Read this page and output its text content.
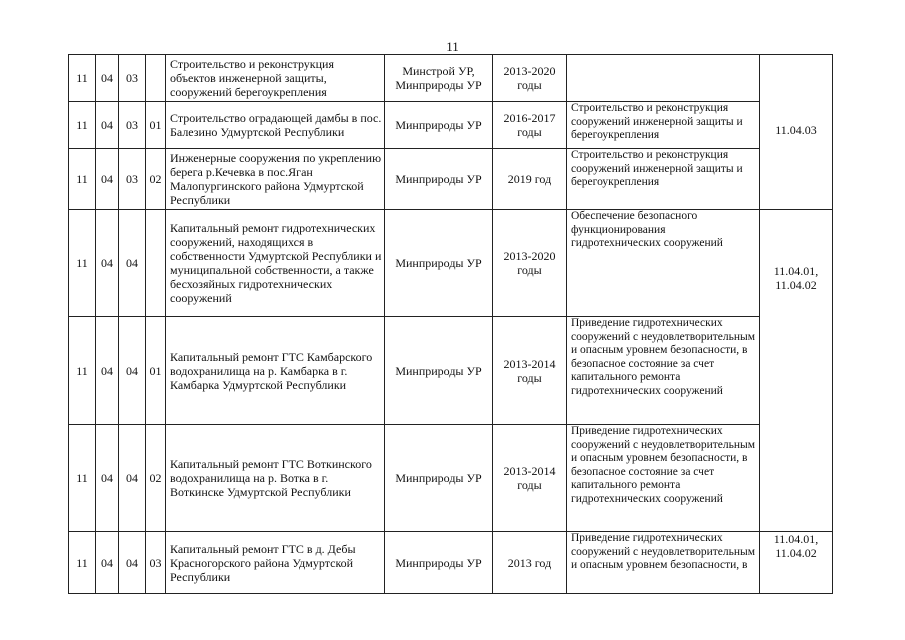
11
11	04	03		Строительство и реконструкция объектов инженерной защиты, сооружений берегоукрепления	Минстрой УР, Минприроды УР	2013-2020 годы		11.04.03
11	04	03	01	Строительство оградающей дамбы в пос. Балезино Удмуртской Республики	Минприроды УР	2016-2017 годы	Строительство и реконструкция сооружений инженерной защиты и берегоукрепления	
11	04	03	02	Инженерные сооружения по укреплению берега р.Кечевка в пос.Яган Малопургинского района Удмуртской Республики	Минприроды УР	2019 год	Строительство и реконструкция сооружений инженерной защиты и берегоукрепления	
11	04	04		Капитальный ремонт гидротехнических сооружений, находящихся в собственности Удмуртской Республики и муниципальной собственности, а также бесхозяйных гидротехнических сооружений	Минприроды УР	2013-2020 годы	Обеспечение безопасного функционирования гидротехнических сооружений	11.04.01, 11.04.02
11	04	04	01	Капитальный ремонт ГТС Камбарского водохранилища на р. Камбарка в г. Камбарка Удмуртской Республики	Минприроды УР	2013-2014 годы	Приведение гидротехнических сооружений с неудовлетворительным и опасным уровнем безопасности, в безопасное состояние за счет капитального ремонта гидротехнических сооружений	
11	04	04	02	Капитальный ремонт ГТС Воткинского водохранилища на р. Вотка в г. Воткинске Удмуртской Республики	Минприроды УР	2013-2014 годы	Приведение гидротехнических сооружений с неудовлетворительным и опасным уровнем безопасности, в безопасное состояние за счет капитального ремонта гидротехнических сооружений	
11	04	04	03	Капитальный ремонт ГТС в д. Дебы Красногорского района Удмуртской Республики	Минприроды УР	2013 год	Приведение гидротехнических сооружений с неудовлетворительным и опасным уровнем безопасности, в	11.04.01, 11.04.02
